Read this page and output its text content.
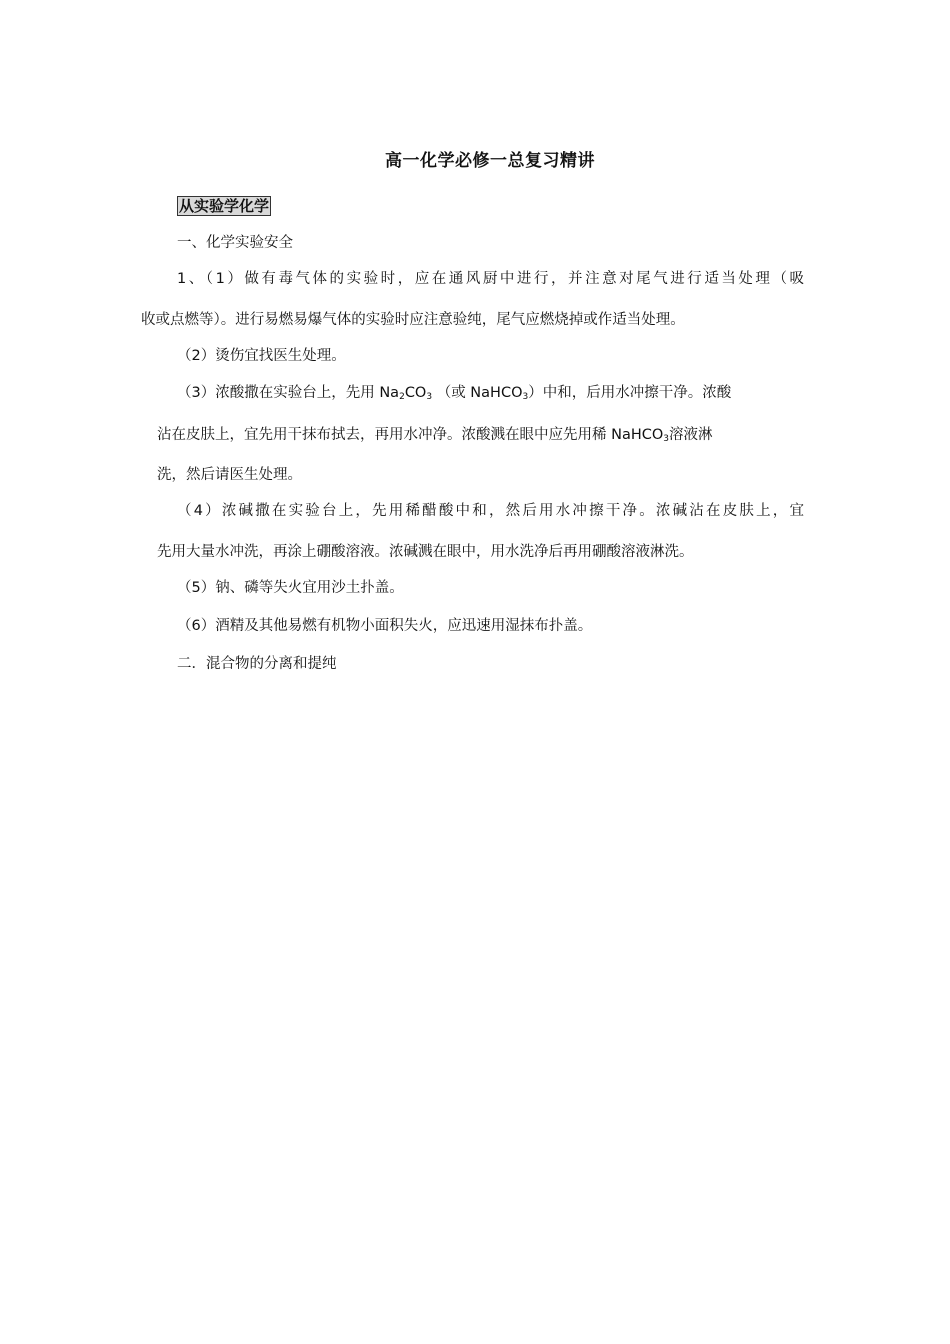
高一化学必修一总复习精讲
从实验学化学
一、化学实验安全
1、（1）做有毒气体的实验时，应在通风厨中进行，并注意对尾气进行适当处理（吸
收或点燃等）。进行易燃易爆气体的实验时应注意验纯，尾气应燃烧掉或作适当处理。
（2）烫伤宜找医生处理。
（3）浓酸撒在实验台上，先用 $Na_2CO_3$ （或 NaHCO$_3$）中和，后用水冲擦干净。浓酸
沾在皮肤上，宜先用干抹布拭去，再用水冲净。浓酸溅在眼中应先用稀 NaHCO$_3$溶液淋
洗，然后请医生处理。
（4）浓碱撒在实验台上，先用稀醋酸中和，然后用水冲擦干净。浓碱沾在皮肤上，宜
先用大量水冲洗，再涂上硼酸溶液。浓碱溅在眼中，用水洗净后再用硼酸溶液淋洗。
（5）钠、磷等失火宜用沙土扑盖。
（6）酒精及其他易燃有机物小面积失火，应迅速用湿抹布扑盖。
二．混合物的分离和提纯
